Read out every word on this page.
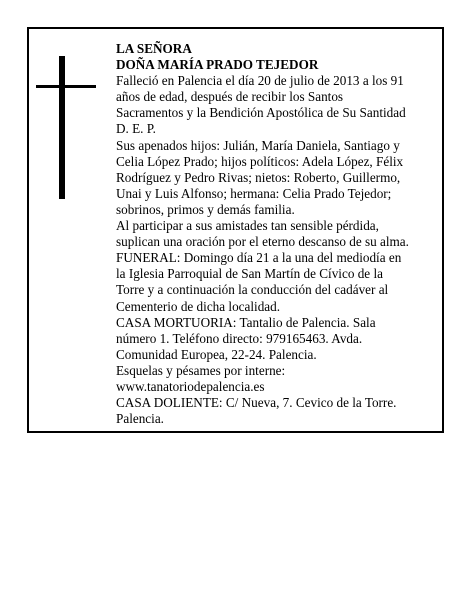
LA SEÑORA
DOÑA MARÍA PRADO TEJEDOR
Falleció en Palencia el día 20 de julio de 2013 a los 91
años de edad, después de recibir los Santos
Sacramentos y la Bendición Apostólica de Su Santidad
D. E. P.
Sus apenados hijos: Julián, María Daniela, Santiago y
Celia López Prado; hijos políticos: Adela López, Félix
Rodríguez y Pedro Rivas; nietos: Roberto, Guillermo,
Unai y Luis Alfonso; hermana: Celia Prado Tejedor;
sobrinos, primos y demás familia.
Al participar a sus amistades tan sensible pérdida,
suplican una oración por el eterno descanso de su alma.
FUNERAL: Domingo día 21 a la una del mediodía en
la Iglesia Parroquial de San Martín de Cívico de la
Torre y a continuación la conducción del cadáver al
Cementerio de dicha localidad.
CASA MORTUORIA: Tantalio de Palencia. Sala
número 1. Teléfono directo: 979165463. Avda.
Comunidad Europea, 22-24. Palencia.
Esquelas y pésames por interne:
www.tanatoriodepalencia.es
CASA DOLIENTE: C/ Nueva, 7. Cevico de la Torre.
Palencia.
